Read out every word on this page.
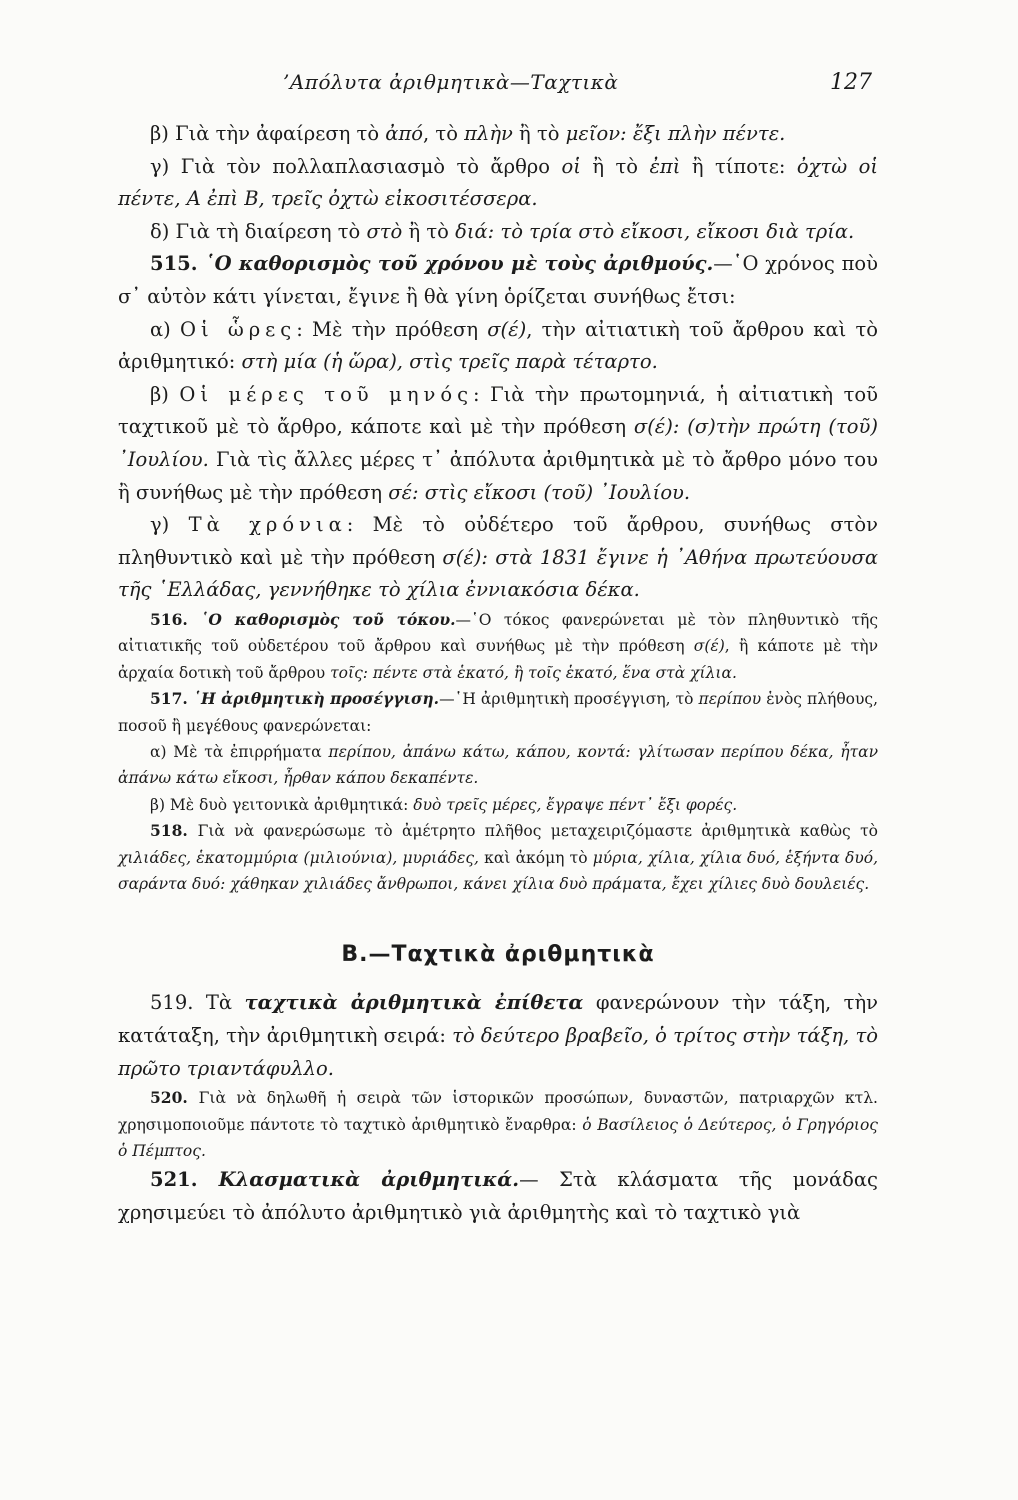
’Απόλυτα ἀριθμητικὰ—Ταχτικὰ	127

β) Γιὰ τὴν ἀφαίρεση τὸ ἀπό, τὸ πλὴν ἢ τὸ μεῖον: ἔξι πλὴν πέντε.

γ) Γιὰ τὸν πολλαπλασιασμὸ τὸ ἄρθρο οἱ ἢ τὸ ἐπὶ ἢ τίποτε: ὀχτὼ οἱ πέντε, Α ἐπὶ Β, τρεῖς ὀχτὼ εἰκοσιτέσσερα.

δ) Γιὰ τὴ διαίρεση τὸ στὸ ἢ τὸ διά: τὸ τρία στὸ εἴκοσι, εἴκοσι διὰ τρία.

515. ῾Ο καθορισμὸς τοῦ χρόνου μὲ τοὺς ἀριθμούς.—῾Ο χρόνος ποὺ σ᾽ αὐτὸν κάτι γίνεται, ἔγινε ἢ θὰ γίνη ὁρίζεται συνήθως ἔτσι:

α) Οἱ ὧρες: Μὲ τὴν πρόθεση σ(έ), τὴν αἰτιατικὴ τοῦ ἄρθρου καὶ τὸ ἀριθμητικό: στὴ μία (ἡ ὥρα), στὶς τρεῖς παρὰ τέταρτο.

β) Οἱ μέρες τοῦ μηνός: Γιὰ τὴν πρωτομηνιά, ἡ αἰτιατικὴ τοῦ ταχτικοῦ μὲ τὸ ἄρθρο, κάποτε καὶ μὲ τὴν πρόθεση σ(έ): (σ)τὴν πρώτη (τοῦ) ᾽Ιουλίου. Γιὰ τὶς ἄλλες μέρες τ᾽ ἀπόλυτα ἀριθμητικὰ μὲ τὸ ἄρθρο μόνο του ἢ συνήθως μὲ τὴν πρόθεση σέ: στὶς εἴκοσι (τοῦ) ᾽Ιουλίου.

γ) Τὰ χρόνια: Μὲ τὸ οὐδέτερο τοῦ ἄρθρου, συνήθως στὸν πληθυντικὸ καὶ μὲ τὴν πρόθεση σ(έ): στὰ 1831 ἔγινε ἡ ᾽Αθήνα πρωτεύουσα τῆς ῾Ελλάδας, γεννήθηκε τὸ χίλια ἐννιακόσια δέκα.

516. ῾Ο καθορισμὸς τοῦ τόκου.—῾Ο τόκος φανερώνεται μὲ τὸν πληθυντικὸ τῆς αἰτιατικῆς τοῦ οὐδετέρου τοῦ ἄρθρου καὶ συνήθως μὲ τὴν πρόθεση σ(έ), ἢ κάποτε μὲ τὴν ἀρχαία δοτικὴ τοῦ ἄρθρου τοῖς: πέντε στὰ ἑκατό, ἢ τοῖς ἑκατό, ἕνα στὰ χίλια.

517. ῾Η ἀριθμητικὴ προσέγγιση.—῾Η ἀριθμητικὴ προσέγγιση, τὸ περίπου ἑνὸς πλήθους, ποσοῦ ἢ μεγέθους φανερώνεται:

α) Μὲ τὰ ἐπιρρήματα περίπου, ἀπάνω κάτω, κάπου, κοντά: γλίτωσαν περίπου δέκα, ἦταν ἀπάνω κάτω εἴκοσι, ἦρθαν κάπου δεκαπέντε.

β) Μὲ δυὸ γειτονικὰ ἀριθμητικά: δυὸ τρεῖς μέρες, ἔγραψε πέντ᾽ ἔξι φορές.

518. Γιὰ νὰ φανερώσωμε τὸ ἀμέτρητο πλῆθος μεταχειριζόμαστε ἀριθμητικὰ καθὼς τὸ χιλιάδες, ἑκατομμύρια (μιλιούνια), μυριάδες, καὶ ἀκόμη τὸ μύρια, χίλια, χίλια δυό, ἑξήντα δυό, σαράντα δυό: χάθηκαν χιλιάδες ἄνθρωποι, κάνει χίλια δυὸ πράματα, ἔχει χίλιες δυὸ δουλειές.

Β.—Ταχτικὰ ἀριθμητικὰ

519. Τὰ ταχτικὰ ἀριθμητικὰ ἐπίθετα φανερώνουν τὴν τάξη, τὴν κατάταξη, τὴν ἀριθμητικὴ σειρά: τὸ δεύτερο βραβεῖο, ὁ τρίτος στὴν τάξη, τὸ πρῶτο τριαντάφυλλο.

520. Γιὰ νὰ δηλωθῆ ἡ σειρὰ τῶν ἱστορικῶν προσώπων, δυναστῶν, πατριαρχῶν κτλ. χρησιμοποιοῦμε πάντοτε τὸ ταχτικὸ ἀριθμητικὸ ἔναρθρα: ὁ Βασίλειος ὁ Δεύτερος, ὁ Γρηγόριος ὁ Πέμπτος.

521. Κλασματικὰ ἀριθμητικά.— Στὰ κλάσματα τῆς μονάδας χρησιμεύει τὸ ἀπόλυτο ἀριθμητικὸ γιὰ ἀριθμητὴς καὶ τὸ ταχτικὸ γιὰ
